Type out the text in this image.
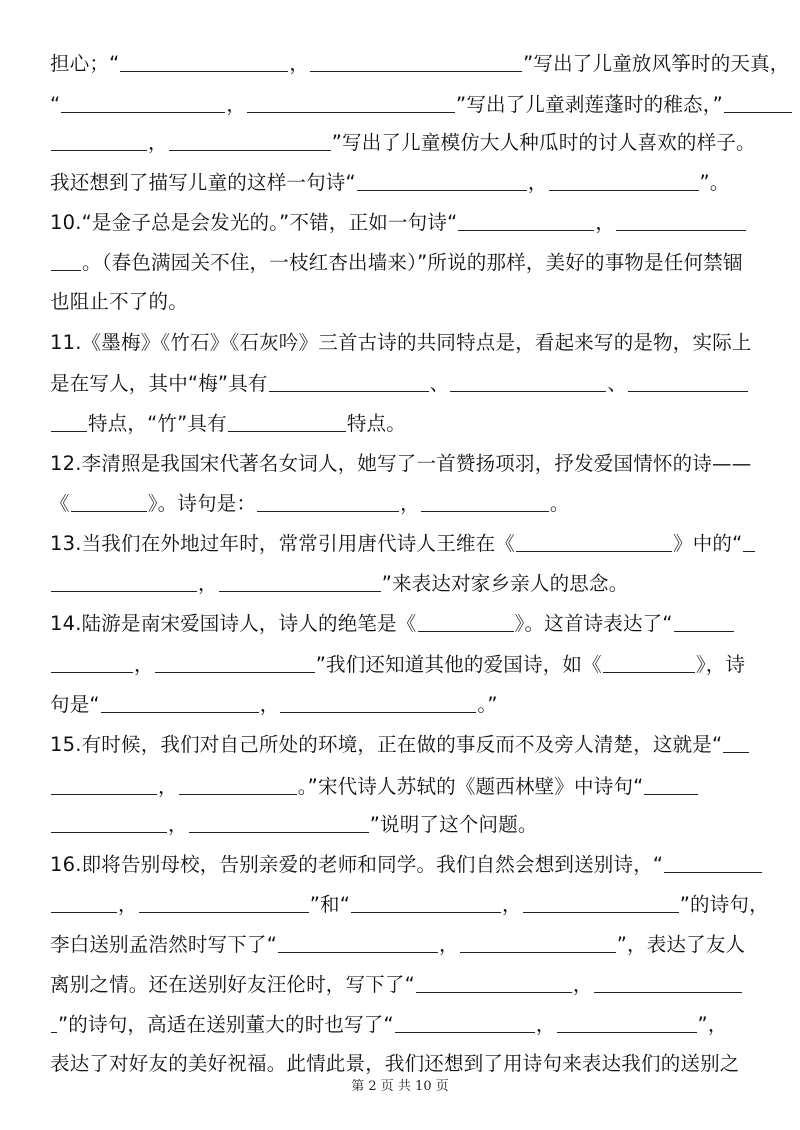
担心；“	，	”写出了儿童放风筝时的天真，
“	，	”写出了儿童剥莲蓬时的稚态，”
，	”写出了儿童模仿大人种瓜时的讨人喜欢的样子。
我还想到了描写儿童的这样一句诗“	，	”。
10.“是金子总是会发光的。”不错，正如一句诗“	，
。（春色满园关不住，一枝红杏出墙来）”所说的那样，美好的事物是任何禁锢
也阻止不了的。
11.《墨梅》《竹石》《石灰吟》三首古诗的共同特点是，看起来写的是物，实际上
是在写人，其中“梅”具有	、	、
特点，“竹”具有	特点。
12.李清照是我国宋代著名女词人，她写了一首赞扬项羽，抒发爱国情怀的诗——
《	》。诗句是：	，	。
13.当我们在外地过年时，常常引用唐代诗人王维在《	》中的“
，	”来表达对家乡亲人的思念。
14.陆游是南宋爱国诗人，诗人的绝笔是《	》。这首诗表达了“
，	”我们还知道其他的爱国诗，如《	》，诗
句是“	，	。”
15.有时候，我们对自己所处的环境，正在做的事反而不及旁人清楚，这就是“
，	。”宋代诗人苏轼的《题西林壁》中诗句“
，	”说明了这个问题。
16.即将告别母校，告别亲爱的老师和同学。我们自然会想到送别诗，“
，	”和“	，	”的诗句，
李白送别孟浩然时写下了“	，	”，表达了友人
离别之情。还在送别好友汪伦时，写下了“	，
”的诗句，高适在送别董大的时也写了“	，	”，
表达了对好友的美好祝福。此情此景，我们还想到了用诗句来表达我们的送别之
第 2 页 共 10 页
